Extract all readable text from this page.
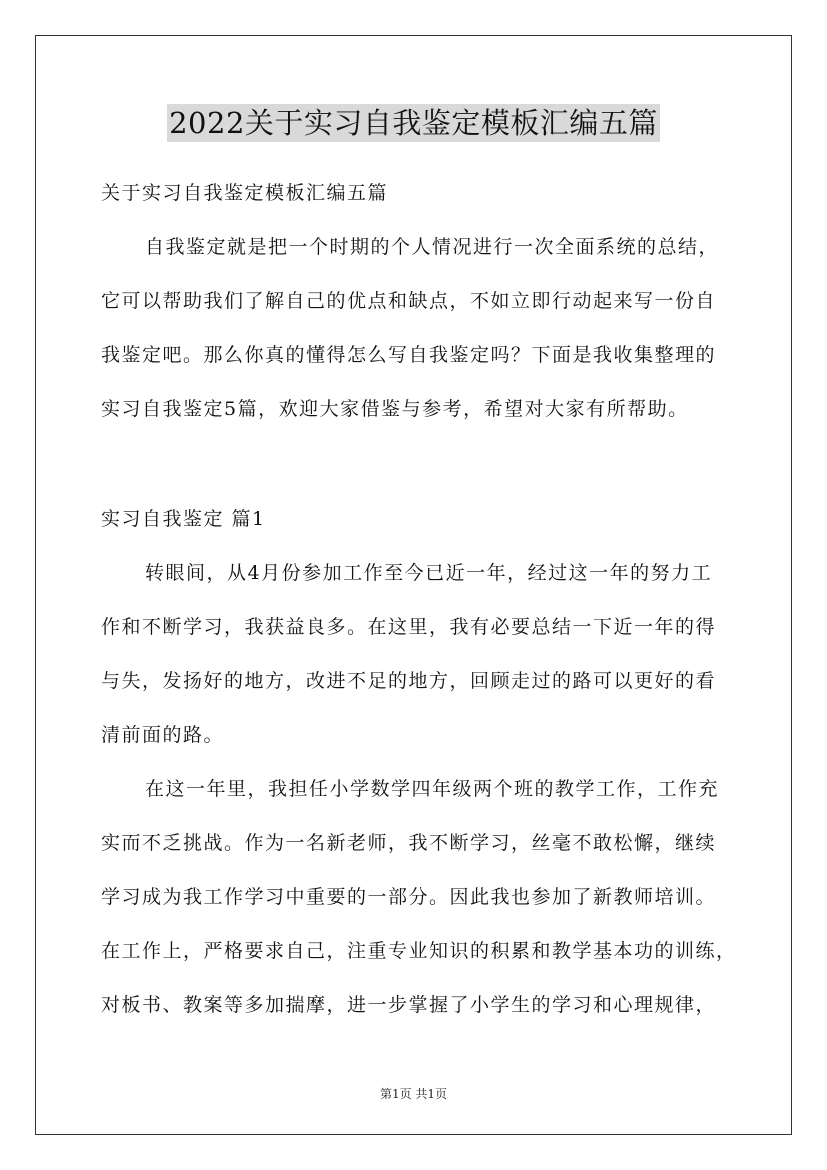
2022关于实习自我鉴定模板汇编五篇
关于实习自我鉴定模板汇编五篇
自我鉴定就是把一个时期的个人情况进行一次全面系统的总结，
它可以帮助我们了解自己的优点和缺点，不如立即行动起来写一份自
我鉴定吧。那么你真的懂得怎么写自我鉴定吗？下面是我收集整理的
实习自我鉴定5篇，欢迎大家借鉴与参考，希望对大家有所帮助。
实习自我鉴定 篇1
转眼间，从4月份参加工作至今已近一年，经过这一年的努力工
作和不断学习，我获益良多。在这里，我有必要总结一下近一年的得
与失，发扬好的地方，改进不足的地方，回顾走过的路可以更好的看
清前面的路。
在这一年里，我担任小学数学四年级两个班的教学工作，工作充
实而不乏挑战。作为一名新老师，我不断学习，丝毫不敢松懈，继续
学习成为我工作学习中重要的一部分。因此我也参加了新教师培训。
在工作上，严格要求自己，注重专业知识的积累和教学基本功的训练，
对板书、教案等多加揣摩，进一步掌握了小学生的学习和心理规律，
第1页 共1页
